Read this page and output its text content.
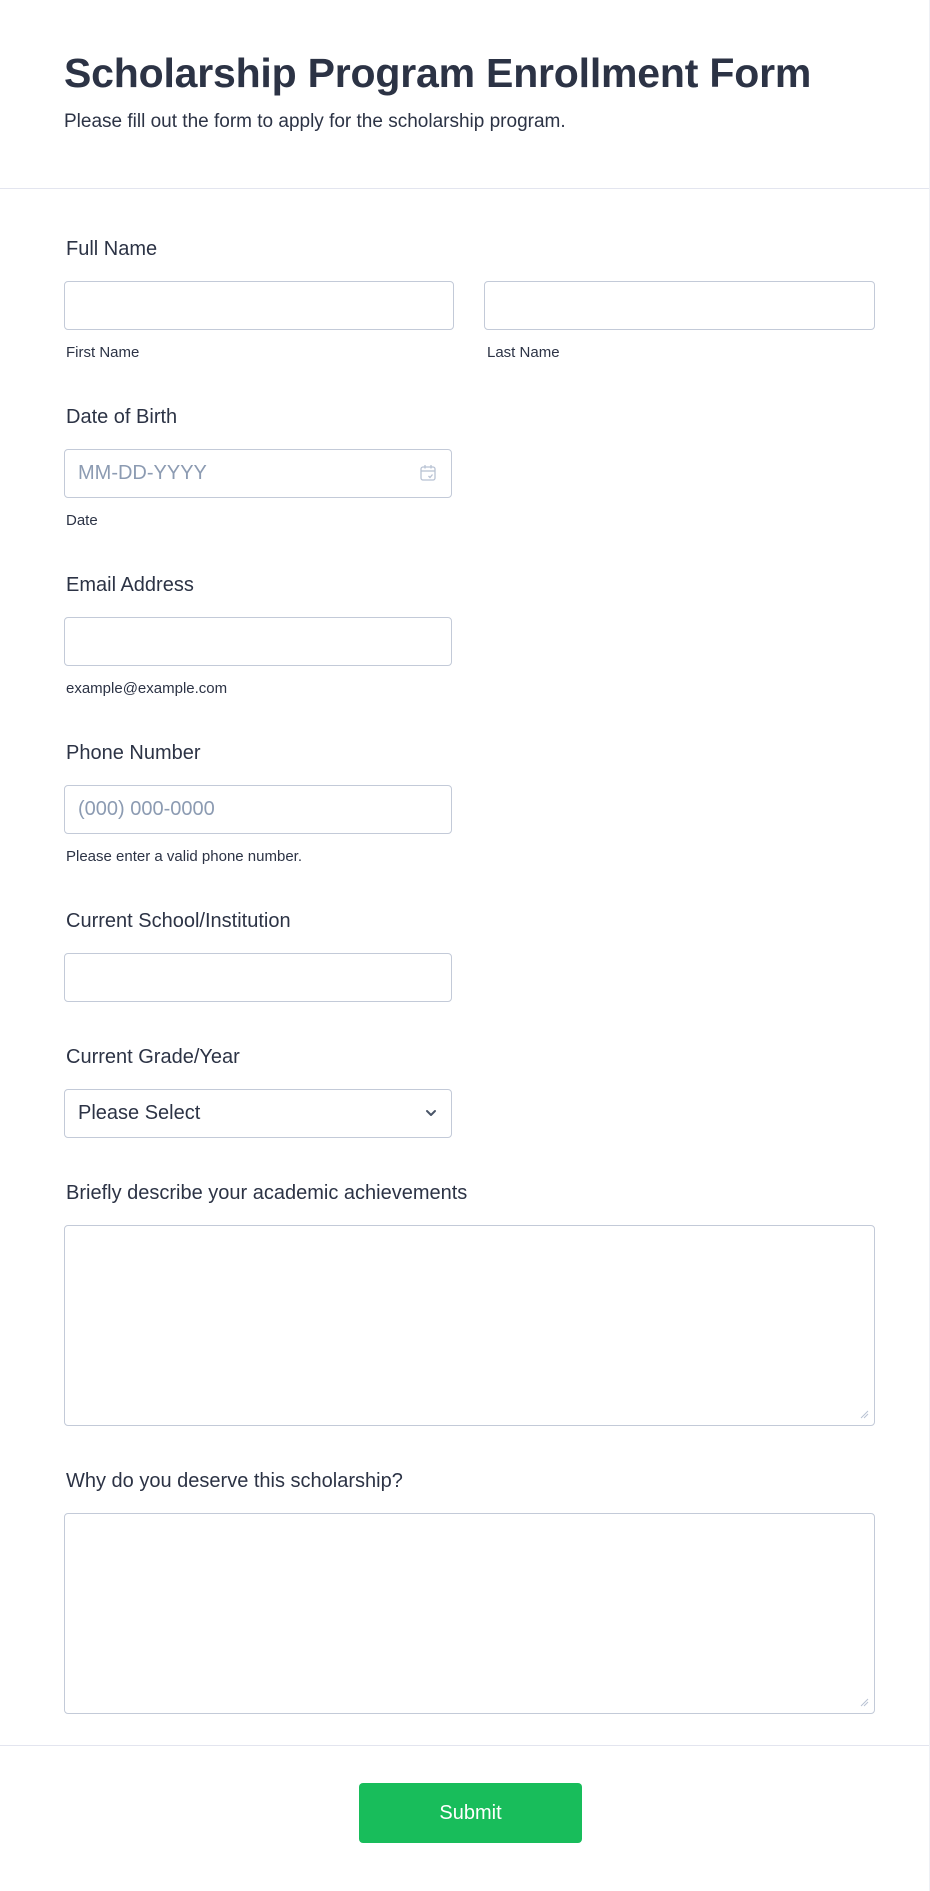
Scholarship Program Enrollment Form
Please fill out the form to apply for the scholarship program.
Full Name
First Name	Last Name
Date of Birth
MM-DD-YYYY
Date
Email Address
example@example.com
Phone Number
(000) 000-0000
Please enter a valid phone number.
Current School/Institution
Current Grade/Year
Please Select
Briefly describe your academic achievements
Why do you deserve this scholarship?
Submit
